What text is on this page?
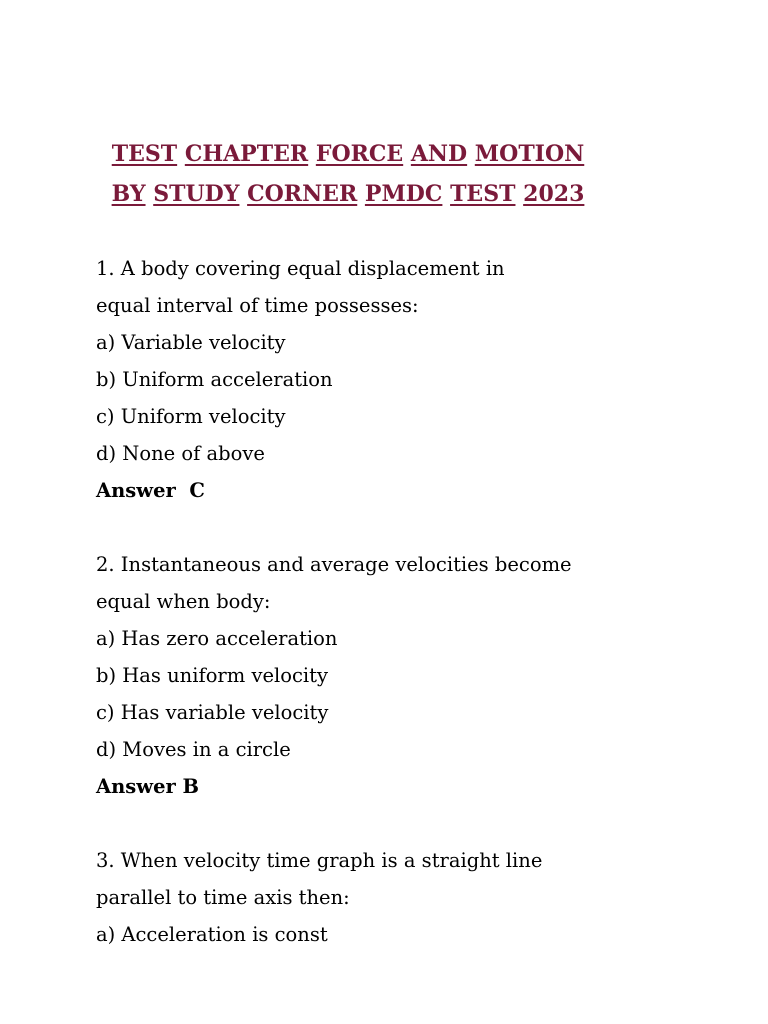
TEST CHAPTER FORCE AND MOTION
BY STUDY CORNER PMDC TEST 2023
1. A body covering equal displacement in
equal interval of time possesses:
a) Variable velocity
b) Uniform acceleration
c) Uniform velocity
d) None of above
Answer  C
2. Instantaneous and average velocities become
equal when body:
a) Has zero acceleration
b) Has uniform velocity
c) Has variable velocity
d) Moves in a circle
Answer B
3. When velocity time graph is a straight line
parallel to time axis then:
a) Acceleration is const
